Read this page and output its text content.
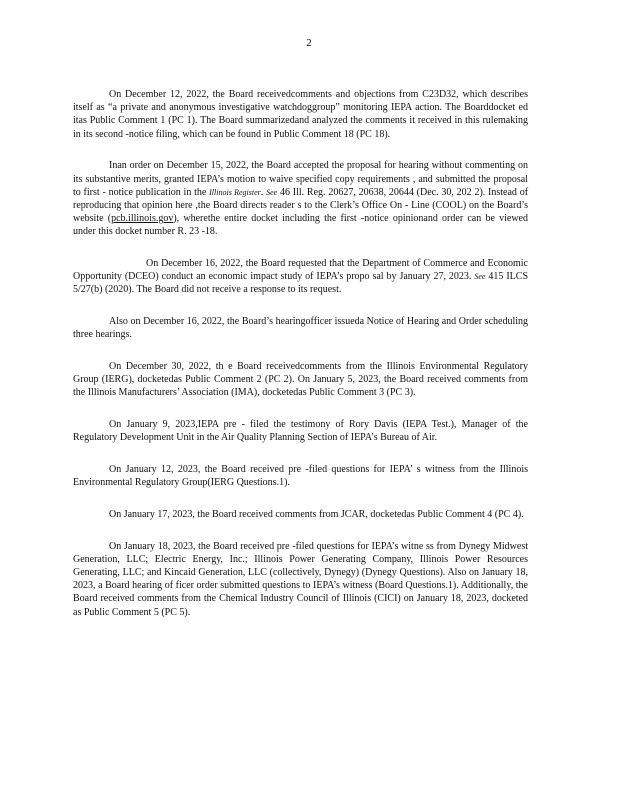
2

On December 12, 2022, the Board receivedcomments and objections from C23D32, which describes itself as “a private and anonymous investigative watchdoggroup” monitoring IEPA action. The Boarddocket ed itas Public Comment 1 (PC 1). The Board summarizedand analyzed the comments it received in this rulemaking in its second -notice filing, which can be found in Public Comment 18 (PC 18).

Inan order on December 15, 2022, the Board accepted the proposal for hearing without commenting on its substantive merits, granted IEPA’s motion to waive specified copy requirements , and submitted the proposal to first - notice publication in the Illinois Register. See 46 Ill. Reg. 20627, 20638, 20644 (Dec. 30, 202 2). Instead of reproducing that opinion here ,the Board directs reader s to the Clerk’s Office On - Line (COOL) on the Board’s website (pcb.illinois.gov), wherethe entire docket including the first -notice opinionand order can be viewed under this docket number R. 23 -18.

On December 16, 2022, the Board requested that the Department of Commerce and Economic Opportunity (DCEO) conduct an economic impact study of IEPA’s propo sal by January 27, 2023. See 415 ILCS 5/27(b) (2020). The Board did not receive a response to its request.

Also on December 16, 2022, the Board’s hearingofficer issueda Notice of Hearing and Order scheduling three hearings.

On December 30, 2022, th e Board receivedcomments from the Illinois Environmental Regulatory Group (IERG), docketedas Public Comment 2 (PC 2). On January 5, 2023, the Board received comments from the Illinois Manufacturers’ Association (IMA), docketedas Public Comment 3 (PC 3).

On January 9, 2023,IEPA pre - filed the testimony of Rory Davis (IEPA Test.), Manager of the Regulatory Development Unit in the Air Quality Planning Section of IEPA’s Bureau of Air.

On January 12, 2023, the Board received pre -filed questions for IEPA’ s witness from the Illinois Environmental Regulatory Group(IERG Questions.1).

On January 17, 2023, the Board received comments from JCAR, docketedas Public Comment 4 (PC 4).

On January 18, 2023, the Board received pre -filed questions for IEPA’s witne ss from Dynegy Midwest Generation, LLC; Electric Energy, Inc.; Illinois Power Generating Company, Illinois Power Resources Generating, LLC; and Kincaid Generation, LLC (collectively, Dynegy) (Dynegy Questions). Also on January 18, 2023, a Board hearing of ficer order submitted questions to IEPA’s witness (Board Questions.1). Additionally, the Board received comments from the Chemical Industry Council of Illinois (CICI) on January 18, 2023, docketed as Public Comment 5 (PC 5).
